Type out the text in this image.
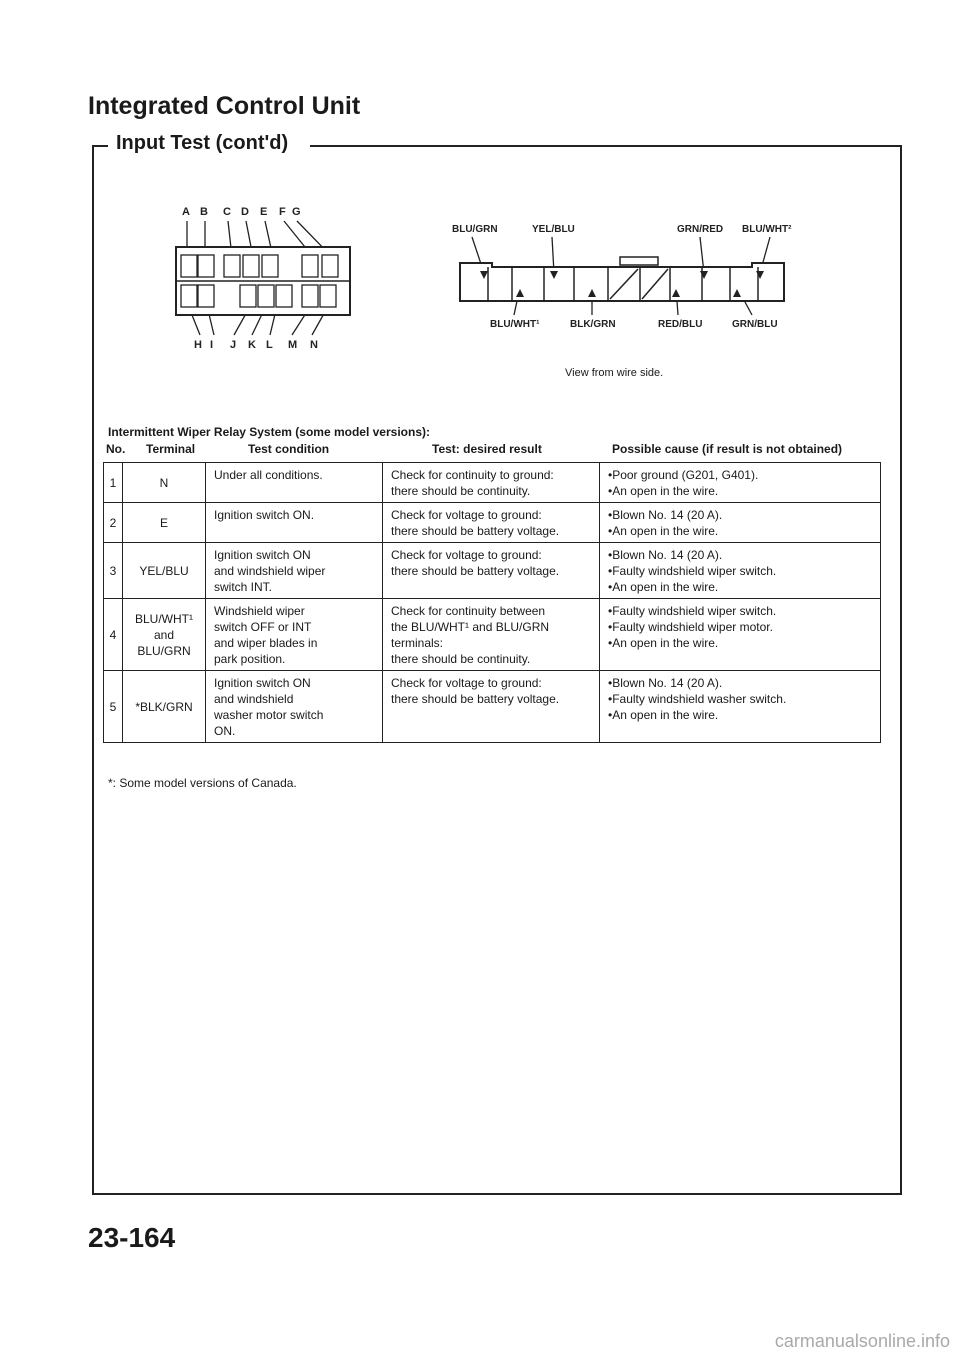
Integrated Control Unit
Input Test (cont'd)
A B C D E F G
H I J K L M N
BLU/GRN	YEL/BLU	GRN/RED BLU/WHT²
BLU/WHT¹	BLK/GRN	RED/BLU	GRN/BLU
View from wire side.
Intermittent Wiper Relay System (some model versions):
No. Terminal	Test condition	Test: desired result	Possible cause (if result is not obtained)
1	N	Under all conditions.	Check for continuity to ground:
there should be continuity.	• Poor ground (G201, G401).
• An open in the wire.

2	E	Ignition switch ON.	Check for voltage to ground:
there should be battery voltage.	• Blown No. 14 (20 A).
• An open in the wire.

3	YEL/BLU	Ignition switch ON
and windshield wiper
switch INT.	Check for voltage to ground:
there should be battery voltage.	• Blown No. 14 (20 A).
• Faulty windshield wiper switch.
• An open in the wire.

4	BLU/WHT¹
and
BLU/GRN	Windshield wiper
switch OFF or INT
and wiper blades in
park position.	Check for continuity between
the BLU/WHT¹ and BLU/GRN
terminals:
there should be continuity.	• Faulty windshield wiper switch.
• Faulty windshield wiper motor.
• An open in the wire.

5	*BLK/GRN	Ignition switch ON
and windshield
washer motor switch
ON.	Check for voltage to ground:
there should be battery voltage.	• Blown No. 14 (20 A).
• Faulty windshield washer switch.
• An open in the wire.
*: Some model versions of Canada.
23-164
carmanualsonline.info
